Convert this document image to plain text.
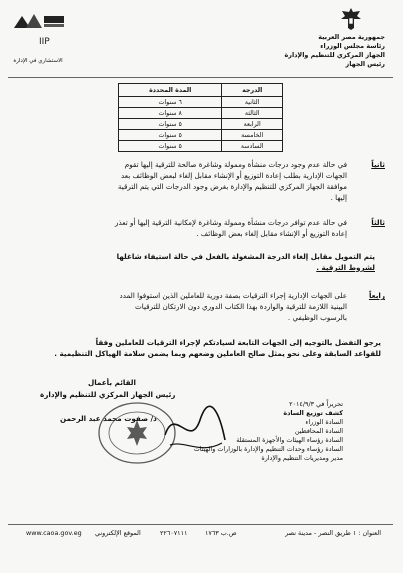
جمهورية مصر العربية
رئاسة مجلس الوزراء
الجهاز المركزي للتنظيم والإدارة
رئيس الجهاز
IIP
الاستشاري في الإدارة
الدرجة	المدة المحددة
الثانية	٦ سنوات
الثالثة	٨ سنوات
الرابعة	٥ سنوات
الخامسة	٥ سنوات
السادسة	٥ سنوات
ثانياً
في حالة عدم وجود درجات منشأة وممولة وشاغرة صالحة للترقية إليها تقوم
الجهات الإدارية بطلب إعادة التوزيع أو الإنشاء مقابل إلغاء لبعض الوظائف بعد
موافقة الجهاز المركزي للتنظيم والإدارة بغرض وجود الدرجات التي يتم الترقية
إليها .
ثالثاً
في حالة عدم توافر درجات منشأة وممولة وشاغرة لإمكانية الترقية إليها أو تعذر
إعادة التوزيع أو الإنشاء مقابل إلغاء بعض الوظائف .
يتم التمويل مقابل إلغاء الدرجة المشغولة بالفعل في حالة استيفاء شاغلها
لشروط الترقية .
رابعاً
على الجهات الإدارية إجراء الترقيات بصفة دورية للعاملين الذين استوفوا المدد
البينية اللازمة للترقية والواردة بهذا الكتاب الدوري دون الارتكان للترقيات
بالرسوب الوظيفي .
يرجو التفضل بالتوجيه إلى الجهات التابعة لسيادتكم لإجراء الترقيات للعاملين وفقاً
للقواعد السابقة وعلى نحو يمثل صالح العاملين وضعهم وبما يضمن سلامة الهياكل التنظيمية .
القائم بأعمال
رئيس الجهاز المركزي للتنظيم والإدارة
د/ صفوت محمد عبد الرحمن
تحريراً في ٢٠١٤/٩/٣
كشف توزيع السادة
السادة الوزراء
السادة المحافظين
السادة رؤساء الهيئات والأجهزة المستقلة
السادة رؤساء وحدات التنظيم والإدارة بالوزارات والهيئات
مدير ومديريات التنظيم والإدارة
www.caoa.gov.eg الموقع الإلكتروني	٢٢٦٠٧١١١	ص.ب ١٧٦٣	العنوان : ١ طريق النصر - مدينة نصر
